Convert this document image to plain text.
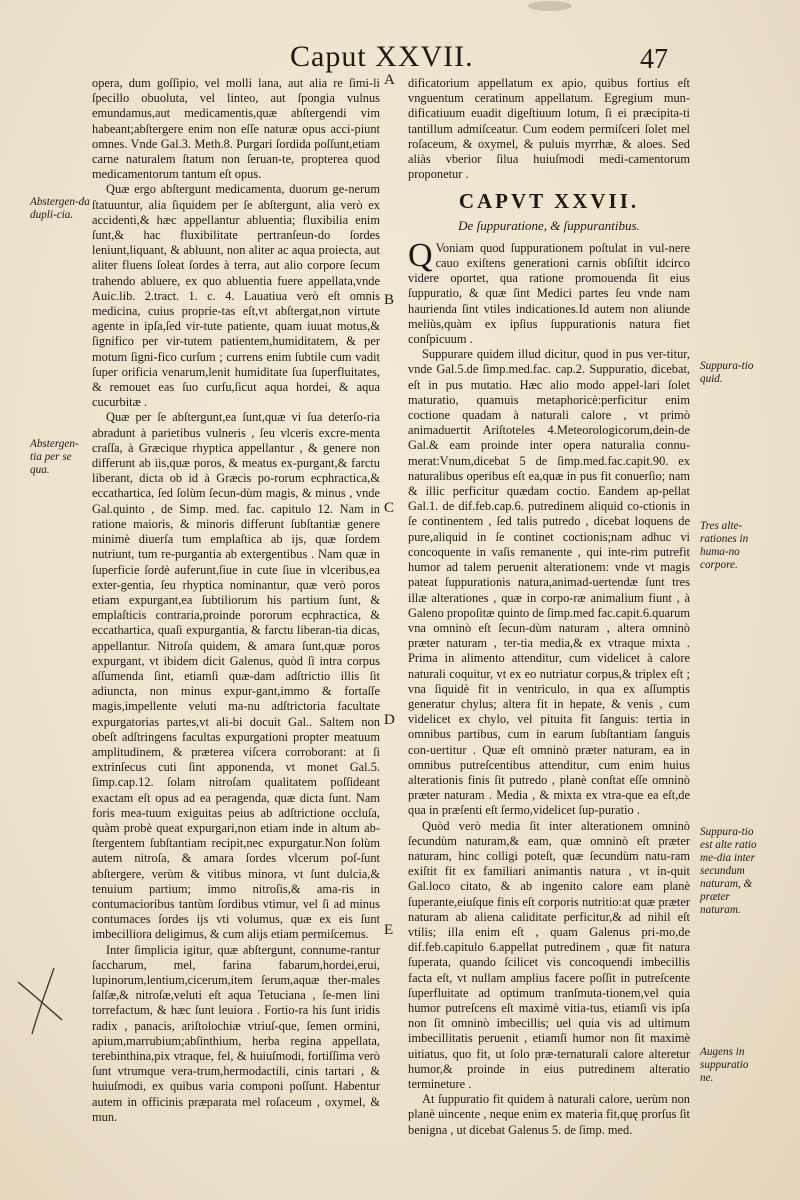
Caput XXVII.	47
A
B
C
D
E
Abstergen-da dupli-cia.
Abstergen-tia per se qua.
Suppura-tio quid.
Tres alte-rationes in huma-no corpore.
Suppura-tio est alte ratio me-dia inter secundum naturam, & præter naturam.
Augens in suppuratio ne.

opera, dum goſſipio, vel molli lana, aut alia re ſimi-li ſpecillo obuoluta, vel linteo, aut ſpongia vulnus emundamus,aut medicamentis,quæ abſtergendi vim habeant;abſtergere enim non eſſe naturæ opus acci-piunt omnes. Vnde Gal.3. Meth.8. Purgari ſordida poſſunt,etiam carne naturalem ſtatum non ſeruan-te, propterea quod medicamentorum tantum eſt opus.

Quæ ergo abſtergunt medicamenta, duorum ge-nerum ſtatuuntur, alia ſiquidem per ſe abſtergunt, alia verò ex accidenti,& hæc appellantur abluentia; fluxibilia enim ſunt,& hac fluxibilitate pertranſeun-do ſordes leniunt,liquant, & abluunt, non aliter ac aqua proiecta, aut aliter fluens ſoleat ſordes à terra, aut alio corpore ſecum trahendo abluere, ex quo abluentia fuere appellata,vnde Auic.lib. 2.tract. 1. c. 4. Lauatiua verò eſt omnis medicina, cuius propriе-tas eſt,vt abſtergat,non virtute agente in ipſa,ſed vir-tute patiente, quam iuuat motus,& ſignifico per vir-tutem patientem,humiditatem, & per motum ſigni-fico curſum ; currens enim ſubtile cum vadit ſuper orificia venarum,lenit humiditate ſua ſuperfluitates, & remouet eas ſuo curſu,ſicut aqua hordei, & aqua cucurbitæ .

Quæ per ſe abſtergunt,ea ſunt,quæ vi ſua deterſo-ria abradunt à parietibus vulneris , ſeu vlceris excre-menta craſſa, à Græcique rhyptica appellantur , & genere non differunt ab iis,quæ poros, & meatus ex-purgant,& farctu liberant, dicta ob id à Græcis po-rorum ecphractica,& eccathartica, ſed ſolùm ſecun-dùm magis, & minus , vnde Gal.quinto , de Simp. med. fac. capitulo 12. Nam in ratione maioris, & minoris differunt ſubſtantiæ genere minimè diuerſa tum emplaſtica ab ijs, quæ ſordem nutriunt, tum re-purgantia ab extergentibus . Nam quæ in ſuperficie ſordè auferunt,ſiue in cute ſiue in vlceribus,ea exter-gentia, ſeu rhyptica nominantur, quæ verò poros etiam expurgant,ea ſubtiliorum his partium ſunt, & emplaſticis contraria,proinde pororum ecphractica, & eccathartica, quaſi expurgantia, & farctu liberan-tia dicas, appellantur. Nitroſa quidem, & amara ſunt,quæ poros expurgant, vt ibidem dicit Galenus, quòd ſi intra corpus aſſumenda ſint, etiamſi quæ-dam adſtrictio illis ſit adiuncta, non minus expur-gant,immo & fortaſſe magis,impellente veluti ma-nu adſtrictoria facultate expurgatorias partes,vt ali-bi docuit Gal.. Saltem non obeſt adſtringens facultas expurgationi propter meatuum amplitudinem, & præterea viſcera corroborant: at ſi extrinſecus cuti ſint apponenda, vt monet Gal.5. ſimp.cap.12. ſolam nitroſam qualitatem poſſideant exactam eſt opus ad ea peragenda, quæ dicta ſunt. Nam foris mea-tuum exiguitas peius ab adſtrictione occluſa, quàm probè queat expurgari,non etiam inde in altum ab-ſtergentem ſubſtantiam recipit,nec expurgatur.Non ſolùm autem nitroſa, & amara ſordes vlcerum poſ-ſunt abſtergere, verùm & vitibus minora, vt ſunt dulcia,& tenuium partium; immo nitroſis,& ama-ris in contumacioribus tantùm ſordibus vtimur, vel ſi ad minus contumaces ſordes ijs vti volumus, quæ ex eis ſunt imbecilliora deligimus, & cum alijs etiam permiſcemus.

Inter ſimplicia igitur, quæ abſtergunt, connume-rantur ſaccharum, mel, farina fabarum,hordei,erui, lupinorum,lentium,cicerum,item ſerum,aquæ ther-males ſalſæ,& nitroſæ,veluti eſt aqua Tetuciana , ſe-men lini torrefactum, & hæc ſunt leuiora . Fortio-ra his ſunt iridis radix , panacis, ariſtolochiæ vtriuſ-que, ſemen ormini, apium,marrubium;abſinthium, herba regina appellata, terebinthina,pix vtraque, fel, & huiuſmodi, fortiſſima verò ſunt vtrumque vera-trum,hermodactili, cinis tartari , & huiuſmodi, ex quibus varia componi poſſunt. Habentur autem in officinis præparata mel roſaceum , oxymel, & mun.

dificatorium appellatum ex apio, quibus fortius eſt vnguentum ceratinum appellatum. Egregium mun-dificatiuum euadit digeſtiuum lotum, ſi ei præcipita-ti tantillum admiſceatur. Cum eodem permiſceri ſolet mel roſaceum, & oxymel, & puluis myrrhæ, & aloes. Sed aliàs vberior ſilua huiuſmodi medi-camentorum proponetur .

CAPVT XXVII.
De ſuppuratione, & ſuppurantibus.

Q Voniam quod ſuppurationem poſtulat in vul-nere cauo exiſtens generationi carnis obſiſtit idcirco videre oportet, qua ratione promouenda ſit eius ſuppuratio, & quæ ſint Medici partes ſeu vnde nam haurienda ſint vtiles indicationes.Id autem non aliunde meliùs,quàm ex ipſius ſuppurationis natura fiet conſpicuum .

Suppurare quidem illud dicitur, quod in pus ver-titur, vnde Gal.5.de ſimp.med.fac. cap.2. Suppuratio, dicebat, eſt in pus mutatio. Hæc alio modo appel-lari ſolet maturatio, quamuis metaphoricè:perficitur enim coctione quadam à naturali calore , vt primò animaduertit Ariſtoteles 4.Meteorologicorum,dein-de Gal.& eam proinde inter opera naturalia connu-merat:Vnum,dicebat 5 de ſimp.med.fac.capit.90. ex naturalibus operibus eſt ea,quæ in pus fit conuerſio; nam & illic perficitur quædam coctio. Eandem ap-pellat Gal.1. de dif.feb.cap.6. putredinem aliquid co-ctionis in ſe continentem , ſed talis putredo , dicebat loquens de pure,aliquid in ſe continet coctionis;nam adhuc vi concoquente in vaſis remanente , qui inte-rim putrefit humor ad talem peruenit alterationem: vnde vt magis pateat ſuppurationis natura,animad-uertendæ ſunt tres illæ alterationes , quæ in corpo-ræ animalium fiunt , à Galeno propoſitæ quinto de ſimp.med fac.capit.6.quarum vna omninò eſt ſecun-dùm naturam , altera omninò præter naturam , ter-tia media,& ex vtraque mixta . Prima in alimento attenditur, cum videlicet à calore naturali coquitur, vt ex eo nutriatur corpus,& triplex eſt ; vna ſiquidè fit in ventriculo, in qua ex aſſumptis generatur chylus; altera fit in hepate, & venis , cum videlicet ex chylo, vel pituita fit ſanguis: tertia in omnibus partibus, cum in earum ſubſtantiam ſanguis con-uertitur . Quæ eſt omninò præter naturam, ea in omnibus putreſcentibus attenditur, cum enim huius alterationis finis ſit putredo , planè conſtat eſſe omninò præter naturam . Media , & mixta ex vtra-que ea eſt,de qua in præſenti eſt ſermo,videlicet ſup-puratio .

Quòd verò media ſit inter alterationem omninò ſecundùm naturam,& eam, quæ omninò eſt præter naturam, hinc colligi poteſt, quæ ſecundùm natu-ram exiſtit fit ex familiari animantis natura , vt in-quit Gal.loco citato, & ab ingenito calore eam planè ſuperante,eiuſque finis eſt corporis nutritio:at quæ præter naturam ab aliena caliditate perficitur,& ad nihil eſt vtilis; illa enim eſt , quam Galenus pri-mo,de dif.feb.capitulo 6.appellat putredinem , quæ fit natura ſuperata, quando ſcilicet vis concoquendi imbecillis facta eſt, vt nullam amplius facere poſſit in putreſcente ſuperfluitate ad optimum tranſmuta-tionem,vel quia humor putreſcens eſt maximè vitia-tus, etiamſi vis ipſa non ſit omninò imbecillis; uel quia vis ad ultimum imbecillitatis peruenit , etiamſi humor non ſit maximè uitiatus, quo fit, ut ſolo præ-ternaturali calore alteretur humor,& proinde in eius putredinem alteratio termineture .

At ſuppuratio fit quidem à naturali calore, uerùm non planè uincente , neque enim ex materia fit,quę prorſus ſit benigna , ut dicebat Galenus 5. de ſimp. med.
